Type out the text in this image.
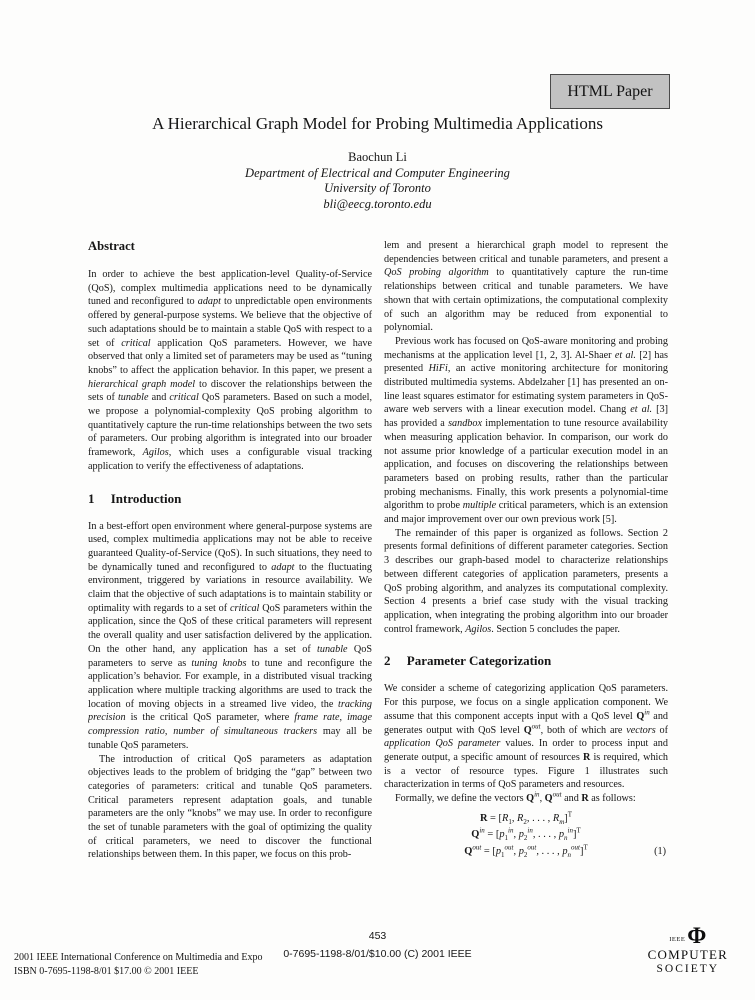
HTML Paper
A Hierarchical Graph Model for Probing Multimedia Applications
Baochun Li
Department of Electrical and Computer Engineering
University of Toronto
bli@eecg.toronto.edu
Abstract

In order to achieve the best application-level Quality-of-Service (QoS), complex multimedia applications need to be dynamically tuned and reconfigured to adapt to unpredictable open environments offered by general-purpose systems. We believe that the objective of such adaptations should be to maintain a stable QoS with respect to a set of critical application QoS parameters. However, we have observed that only a limited set of parameters may be used as “tuning knobs” to affect the application behavior. In this paper, we present a hierarchical graph model to discover the relationships between the sets of tunable and critical QoS parameters. Based on such a model, we propose a polynomial-complexity QoS probing algorithm to quantitatively capture the run-time relationships between the two sets of parameters. Our probing algorithm is integrated into our broader framework, Agilos, which uses a configurable visual tracking application to verify the effectiveness of adaptations.

1 Introduction

In a best-effort open environment where general-purpose systems are used, complex multimedia applications may not be able to receive guaranteed Quality-of-Service (QoS). In such situations, they need to be dynamically tuned and reconfigured to adapt to the fluctuating environment, triggered by variations in resource availability. We claim that the objective of such adaptations is to maintain stability or optimality with regards to a set of critical QoS parameters within the application, since the QoS of these critical parameters will represent the overall quality and user satisfaction delivered by the application. On the other hand, any application has a set of tunable QoS parameters to serve as tuning knobs to tune and reconfigure the application’s behavior. For example, in a distributed visual tracking application where multiple tracking algorithms are used to track the location of moving objects in a streamed live video, the tracking precision is the critical QoS parameter, where frame rate, image compression ratio, number of simultaneous trackers may all be tunable QoS parameters.

The introduction of critical QoS parameters as adaptation objectives leads to the problem of bridging the “gap” between two categories of parameters: critical and tunable QoS parameters. Critical parameters represent adaptation goals, and tunable parameters are the only “knobs” we may use. In order to reconfigure the set of tunable parameters with the goal of optimizing the quality of critical parameters, we need to discover the functional relationships between them. In this paper, we focus on this prob-

lem and present a hierarchical graph model to represent the dependencies between critical and tunable parameters, and present a QoS probing algorithm to quantitatively capture the run-time relationships between critical and tunable parameters. We have shown that with certain optimizations, the computational complexity of such an algorithm may be reduced from exponential to polynomial.

Previous work has focused on QoS-aware monitoring and probing mechanisms at the application level [1, 2, 3]. Al-Shaer et al. [2] has presented HiFi, an active monitoring architecture for monitoring distributed multimedia systems. Abdelzaher [1] has presented an on-line least squares estimator for estimating system parameters in QoS-aware web servers with a linear execution model. Chang et al. [3] has provided a sandbox implementation to tune resource availability when measuring application behavior. In comparison, our work do not assume prior knowledge of a particular execution model in an application, and focuses on discovering the relationships between parameters based on probing results, rather than the particular probing mechanisms. Finally, this work presents a polynomial-time algorithm to probe multiple critical parameters, which is an extension and major improvement over our own previous work [5].

The remainder of this paper is organized as follows. Section 2 presents formal definitions of different parameter categories. Section 3 describes our graph-based model to characterize relationships between different categories of application parameters, presents a QoS probing algorithm, and analyzes its computational complexity. Section 4 presents a brief case study with the visual tracking application, when integrating the probing algorithm into our broader control framework, Agilos. Section 5 concludes the paper.

2 Parameter Categorization

We consider a scheme of categorizing application QoS parameters. For this purpose, we focus on a single application component. We assume that this component accepts input with a QoS level $Q^{in}$ and generates output with QoS level $Q^{out}$, both of which are vectors of application QoS parameter values. In order to process input and generate output, a specific amount of resources R is required, which is a vector of resource types. Figure 1 illustrates such characterization in terms of QoS parameters and resources.

Formally, we define the vectors $Q^{in}$, $Q^{out}$ and R as follows:

$R = [R_1$, $R_2$, . . . , $R_m]^T$
$Q^{in} = [p_1^{in}$, $p_2^{in}$, . . . , $p_n^{in}]^T$
$Q^{out} = [p_1^{out}$, $p_2^{out}$, . . . , $p_n^{out}]^T$	(1)
453
2001 IEEE International Conference on Multimedia and Expo
ISBN 0-7695-1198-8/01 $17.00 © 2001 IEEE
0-7695-1198-8/01/$10.00 (C) 2001 IEEE
IEEE Φ
COMPUTER
SOCIETY
